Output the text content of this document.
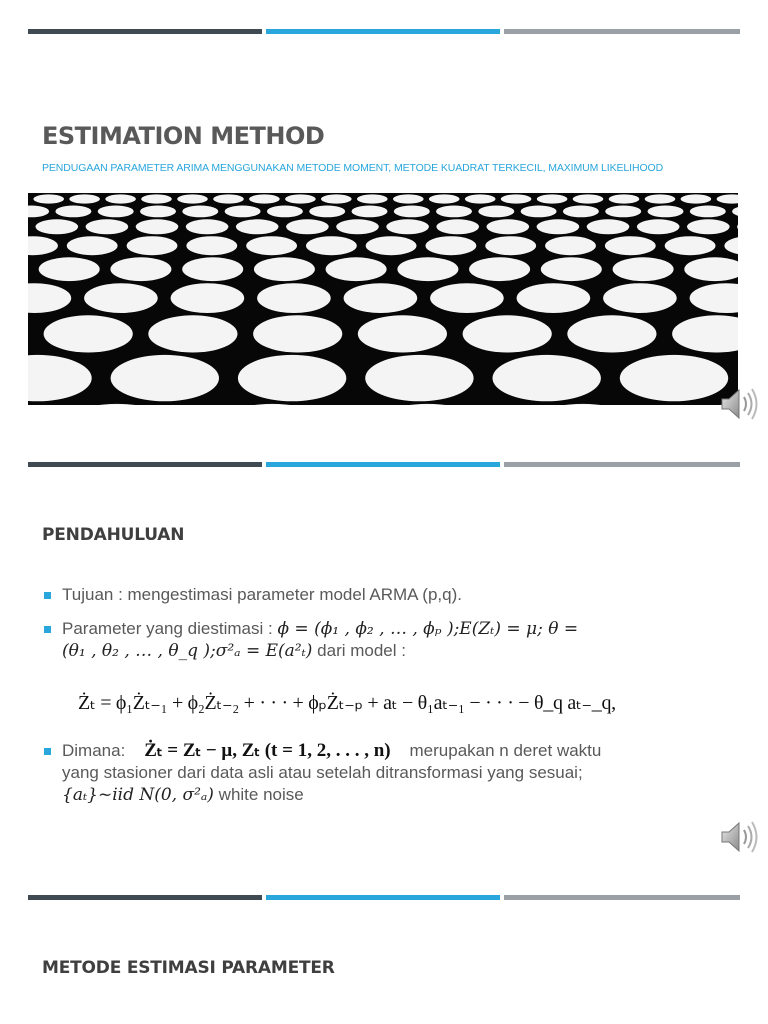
ESTIMATION METHOD

PENDUGAAN PARAMETER ARIMA MENGGUNAKAN METODE MOMENT, METODE KUADRAT TERKECIL, MAXIMUM LIKELIHOOD

PENDAHULUAN
Tujuan : mengestimasi parameter model ARMA (p,q).
Parameter yang diestimasi : ϕ = (ϕ₁ , ϕ₂ , … , ϕₚ );E(Zₜ) = μ; θ =
(θ₁ , θ₂ , … , θ_q );σ²ₐ = E(a²ₜ) dari model :
Żₜ = ϕ₁Żₜ₋₁ + ϕ₂Żₜ₋₂ + · · · + ϕₚŻₜ₋ₚ + aₜ − θ₁aₜ₋₁ − · · · − θ_q aₜ₋_q,
Dimana: Żₜ = Zₜ − μ, Zₜ (t = 1, 2, . . . , n) merupakan n deret waktu
yang stasioner dari data asli atau setelah ditransformasi yang sesuai;
{aₜ}~iid N(0, σ²ₐ) white noise
METODE ESTIMASI PARAMETER
